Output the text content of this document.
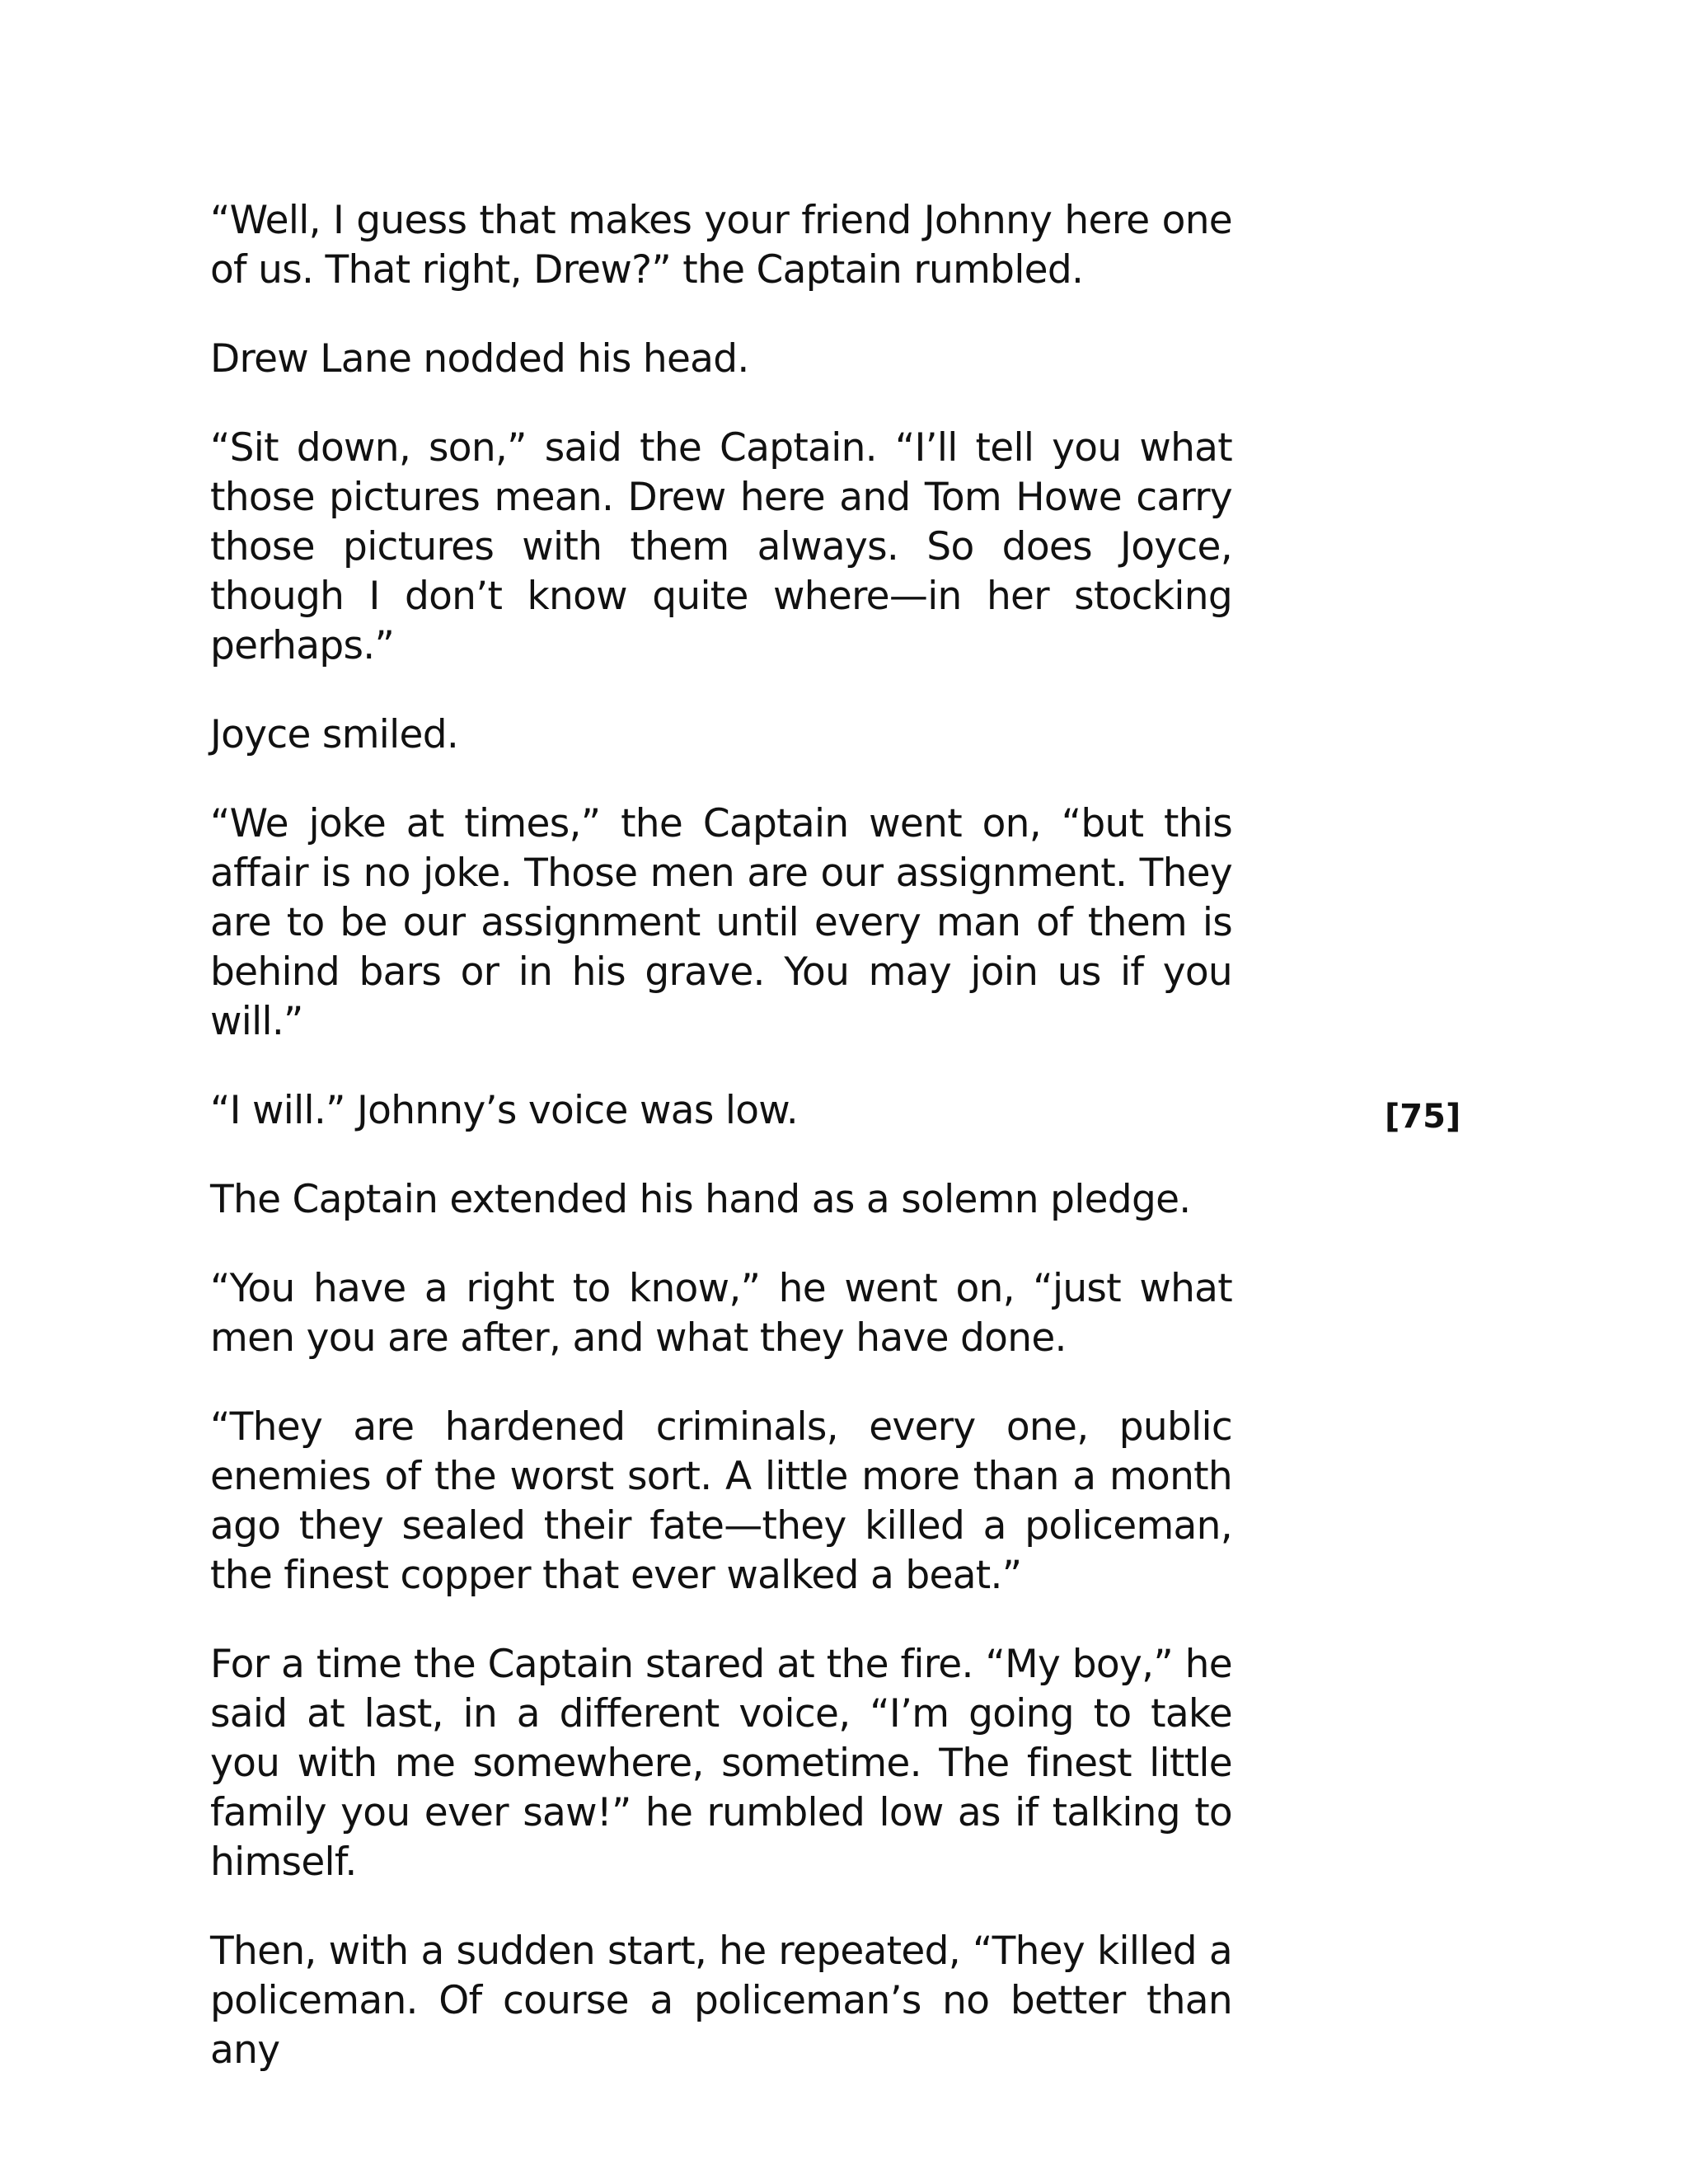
“Well, I guess that makes your friend Johnny here one of us. That right, Drew?” the Captain rumbled.

Drew Lane nodded his head.

“Sit down, son,” said the Captain. “I’ll tell you what those pictures mean. Drew here and Tom Howe carry those pictures with them always. So does Joyce, though I don’t know quite where—in her stocking perhaps.”

Joyce smiled.

“We joke at times,” the Captain went on, “but this affair is no joke. Those men are our assignment. They are to be our assignment until every man of them is behind bars or in his grave. You may join us if you will.”

“I will.” Johnny’s voice was low.

The Captain extended his hand as a solemn pledge.

“You have a right to know,” he went on, “just what men you are after, and what they have done.

“They are hardened criminals, every one, public enemies of the worst sort. A little more than a month ago they sealed their fate—they killed a policeman, the finest copper that ever walked a beat.”

For a time the Captain stared at the fire. “My boy,” he said at last, in a different voice, “I’m going to take you with me somewhere, sometime. The finest little family you ever saw!” he rumbled low as if talking to himself.

Then, with a sudden start, he repeated, “They killed a policeman. Of course a policeman’s no better than any

[75]
